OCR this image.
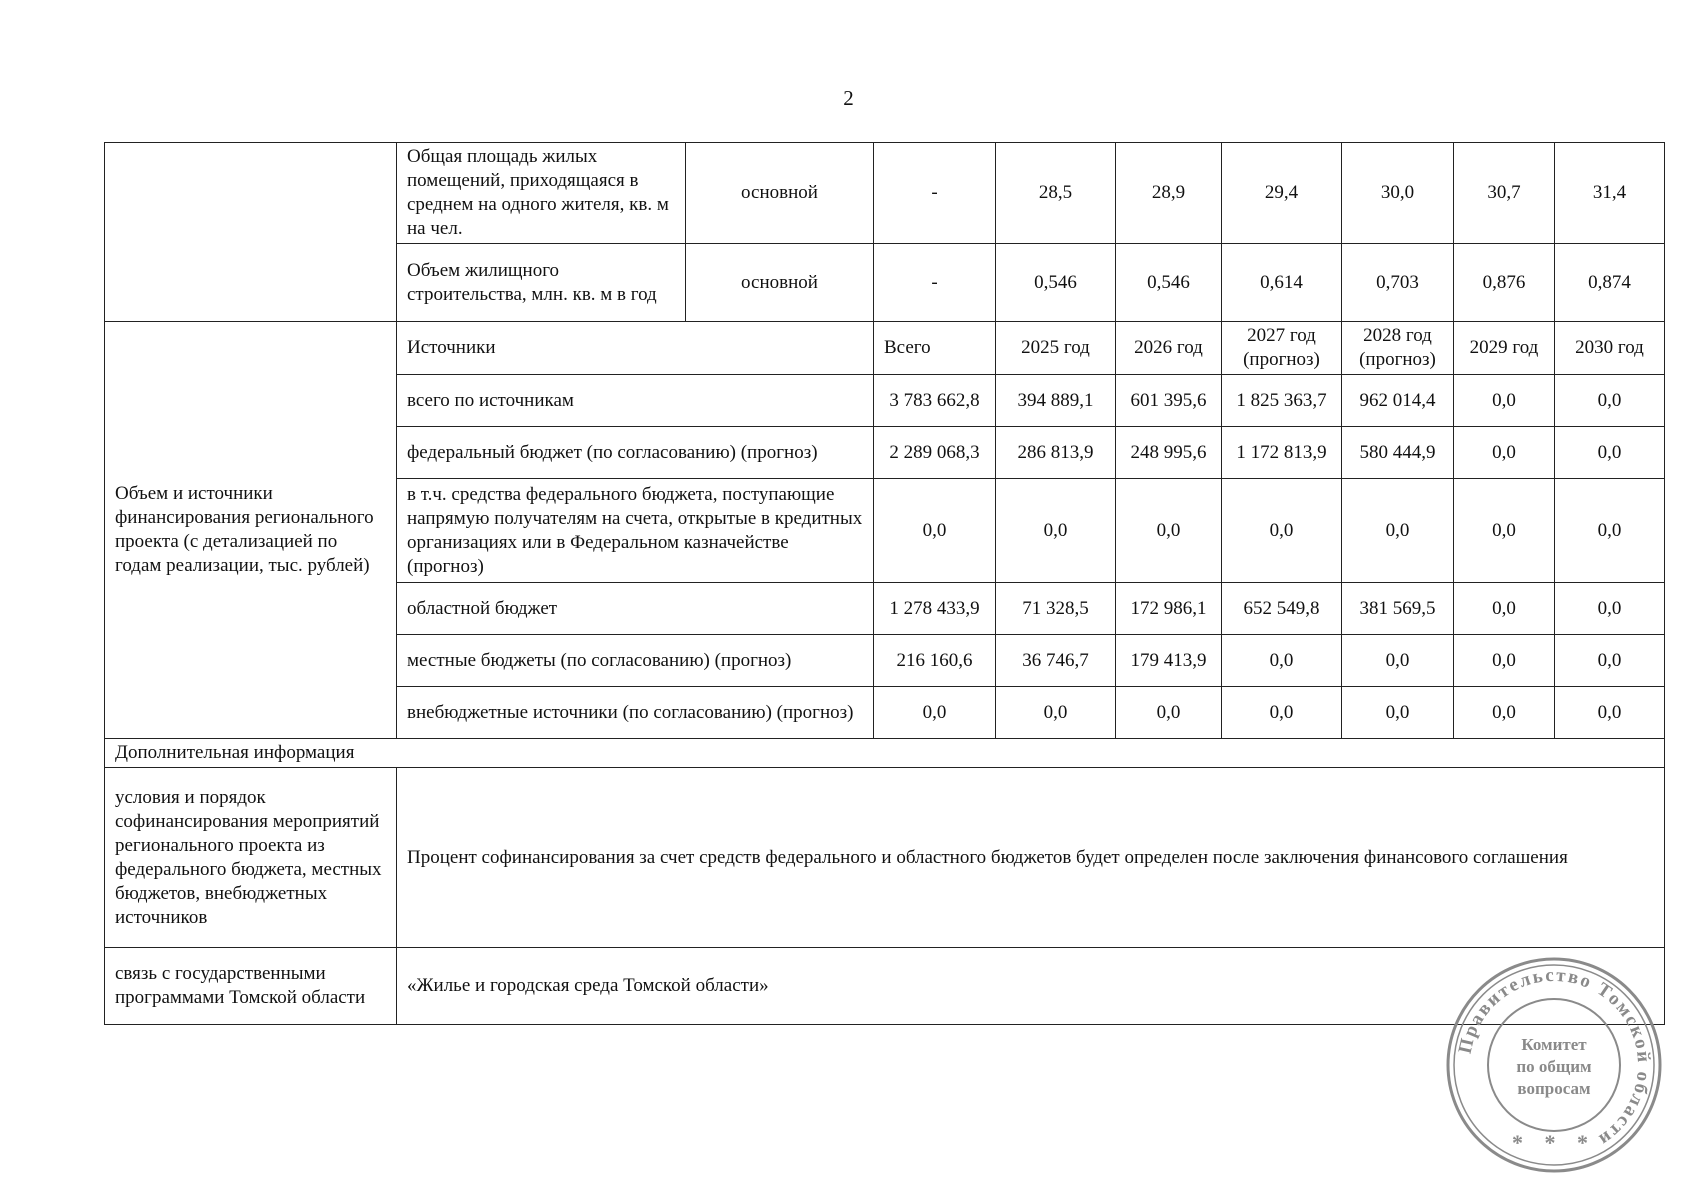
2
	Общая площадь жилых помещений, приходящаяся в среднем на одного жителя, кв. м на чел.	основной	-	28,5	28,9	29,4	30,0	30,7	31,4
	Объем жилищного строительства, млн. кв. м в год	основной	-	0,546	0,546	0,614	0,703	0,876	0,874
Объем и источники финансирования регионального проекта (с детализацией по годам реализации, тыс. рублей)	Источники		Всего	2025 год	2026 год	2027 год (прогноз)	2028 год (прогноз)	2029 год	2030 год
	всего по источникам		3 783 662,8	394 889,1	601 395,6	1 825 363,7	962 014,4	0,0	0,0
	федеральный бюджет (по согласованию) (прогноз)		2 289 068,3	286 813,9	248 995,6	1 172 813,9	580 444,9	0,0	0,0
	в т.ч. средства федерального бюджета, поступающие напрямую получателям на счета, открытые в кредитных организациях или в Федеральном казначействе (прогноз)		0,0	0,0	0,0	0,0	0,0	0,0	0,0
	областной бюджет		1 278 433,9	71 328,5	172 986,1	652 549,8	381 569,5	0,0	0,0
	местные бюджеты (по согласованию) (прогноз)		216 160,6	36 746,7	179 413,9	0,0	0,0	0,0	0,0
	внебюджетные источники (по согласованию) (прогноз)		0,0	0,0	0,0	0,0	0,0	0,0	0,0
Дополнительная информация									
условия и порядок софинансирования мероприятий регионального проекта из федерального бюджета, местных бюджетов, внебюджетных источников	Процент софинансирования за счет средств федерального и областного бюджетов будет определен после заключения финансового соглашения								
связь с государственными программами Томской области	«Жилье и городская среда Томской области»								
Правительство Томской области
Комитет
по общим
вопросам
* * *
